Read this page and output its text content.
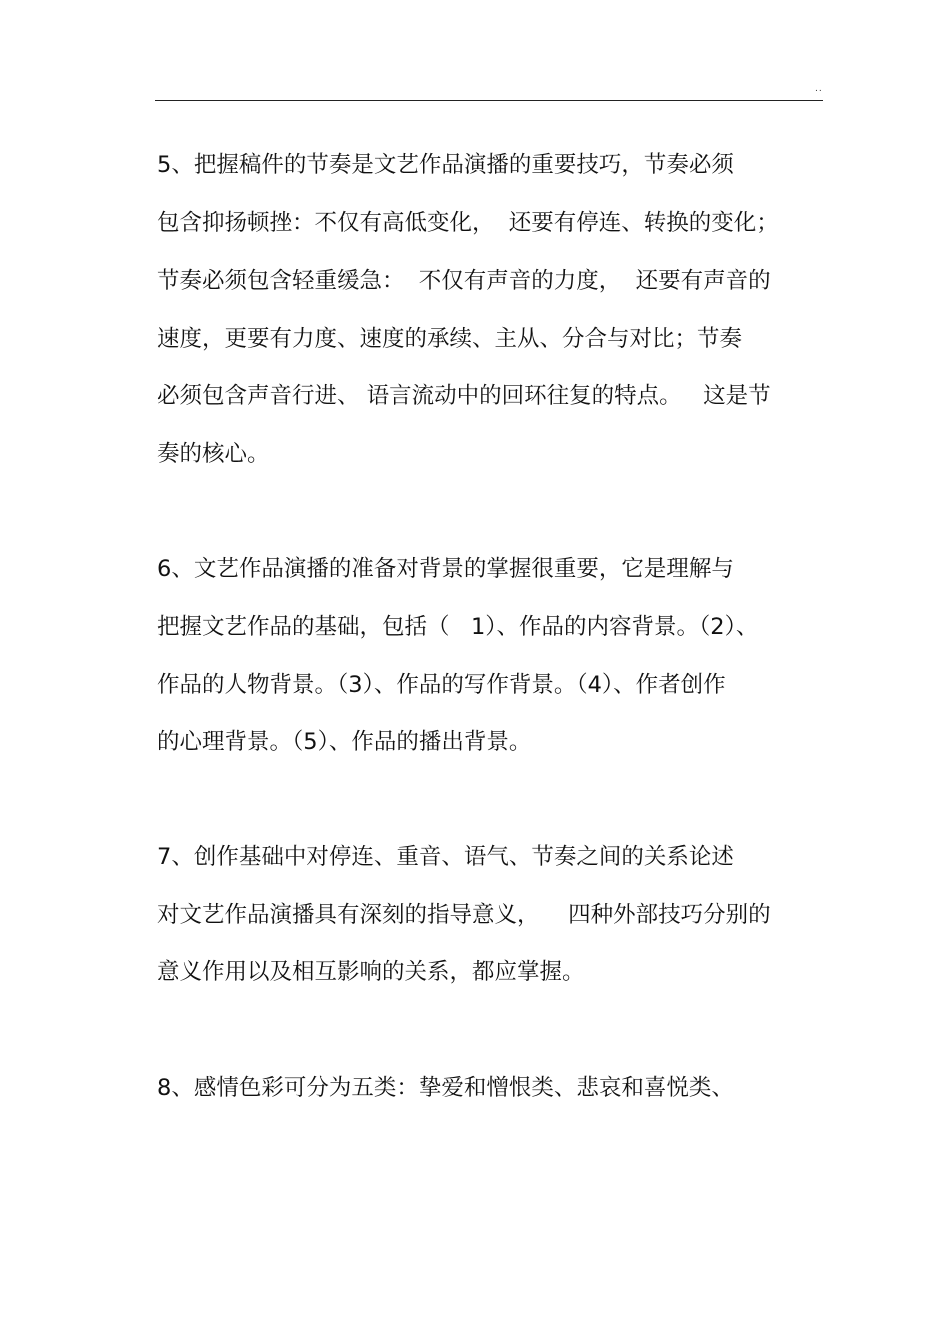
..
5、把握稿件的节奏是文艺作品演播的重要技巧，节奏必须
包含抑扬顿挫：不仅有高低变化，  还要有停连、转换的变化；
节奏必须包含轻重缓急：  不仅有声音的力度，  还要有声音的
速度，更要有力度、速度的承续、主从、分合与对比；节奏
必须包含声音行进、 语言流动中的回环往复的特点。   这是节
奏的核心。
6、文艺作品演播的准备对背景的掌握很重要，它是理解与
把握文艺作品的基础，包括（   1）、作品的内容背景。（2）、
作品的人物背景。（3）、作品的写作背景。（4）、作者创作
的心理背景。（5）、作品的播出背景。
7、创作基础中对停连、重音、语气、节奏之间的关系论述
对文艺作品演播具有深刻的指导意义，    四种外部技巧分别的
意义作用以及相互影响的关系，都应掌握。
8、感情色彩可分为五类：挚爱和憎恨类、悲哀和喜悦类、
